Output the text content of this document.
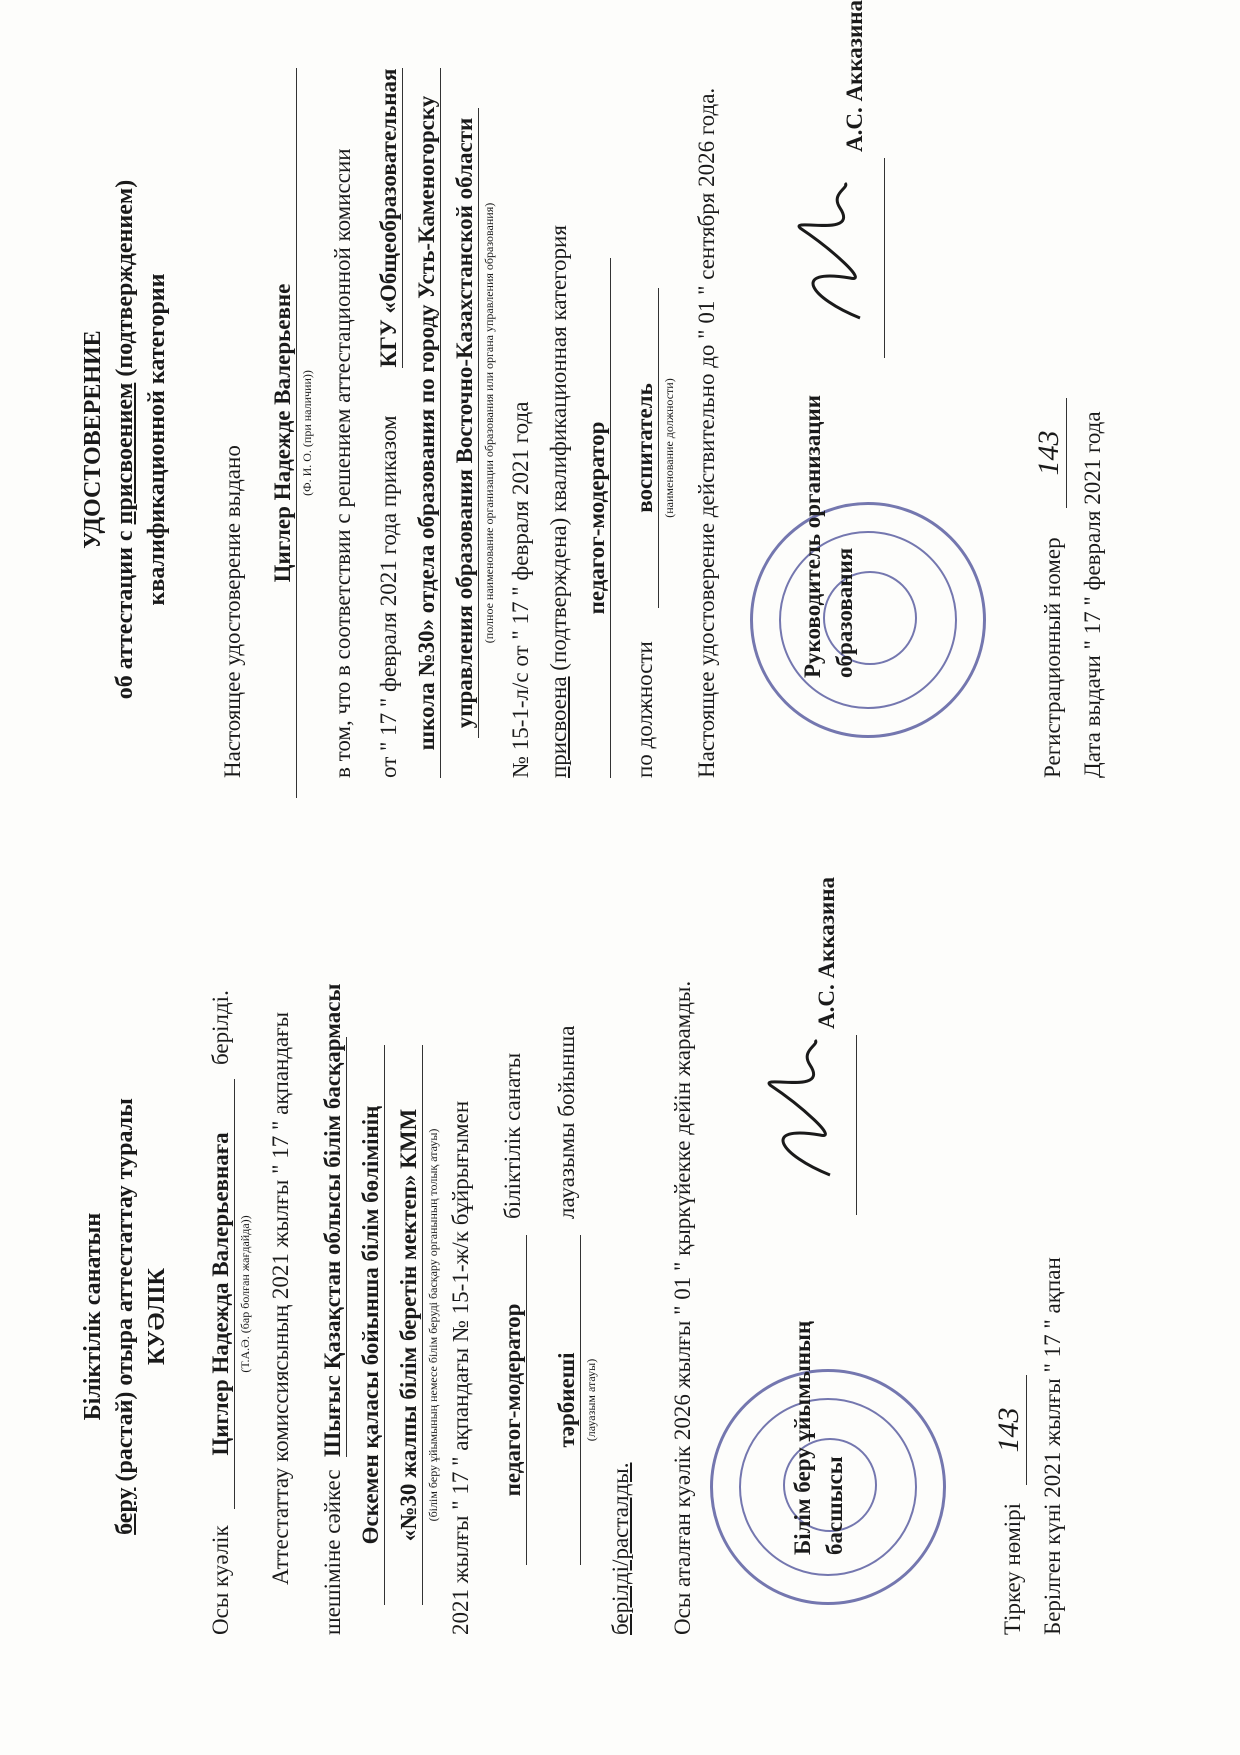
Біліктілік санатын
беру (растай) отыра аттестаттау туралы КУӘЛІК
Осы куәлік
Циглер Надежда Валерьевнаға
берілді.
(Т.А.Ә. (бар болған жағдайда)) Аттестаттау комиссиясының 2021 жылғы " 17 " ақпандағы шешіміне сәйкес
Шығыс Қазақстан облысы білім басқармасы Өскемен қаласы бойынша білім бөлімінің «№30 жалпы білім беретін мектеп» КММ (білім беру ұйымының немесе білім беруді басқару органының толық атауы) 2021 жылғы " 17 " ақпандағы № 15-1-ж/к бұйрығымен педагог-модератор
біліктілік санаты
тәрбиеші
лауазымы бойынша
(лауазым атауы)
берілді/расталды. Осы аталған куәлік 2026 жылғы " 01 " қыркүйекке дейін жарамды.	Білім беру ұйымының басшысы
А.С. Акказина
Тіркеу нөмірі
143 Берілген күні 2021 жылғы " 17 " ақпан
УДОСТОВЕРЕНИЕ
об аттестации с присвоением (подтверждением) квалификационной категории
Настоящее удостоверение выдано
Циглер Надежде Валерьевне (Ф. И. О. (при наличии)) в том, что в соответствии с решением аттестационной комиссии от " 17 " февраля 2021 года приказом
КГУ «Общеобразовательная школа №30» отдела образования по городу Усть-Каменогорску управления образования Восточно-Казахстанской области (полное наименование организации образования или органа управления образования) № 15-1-л/с от " 17 " февраля 2021 года присвоена (подтверждена) квалификационная категория педагог-модератор
по должности
воспитатель (наименование должности) Настоящее удостоверение действительно до " 01 " сентября 2026 года.	Руководитель организации образования
А.С. Акказина
Регистрационный номер
143 Дата выдачи " 17 " февраля 2021 года
